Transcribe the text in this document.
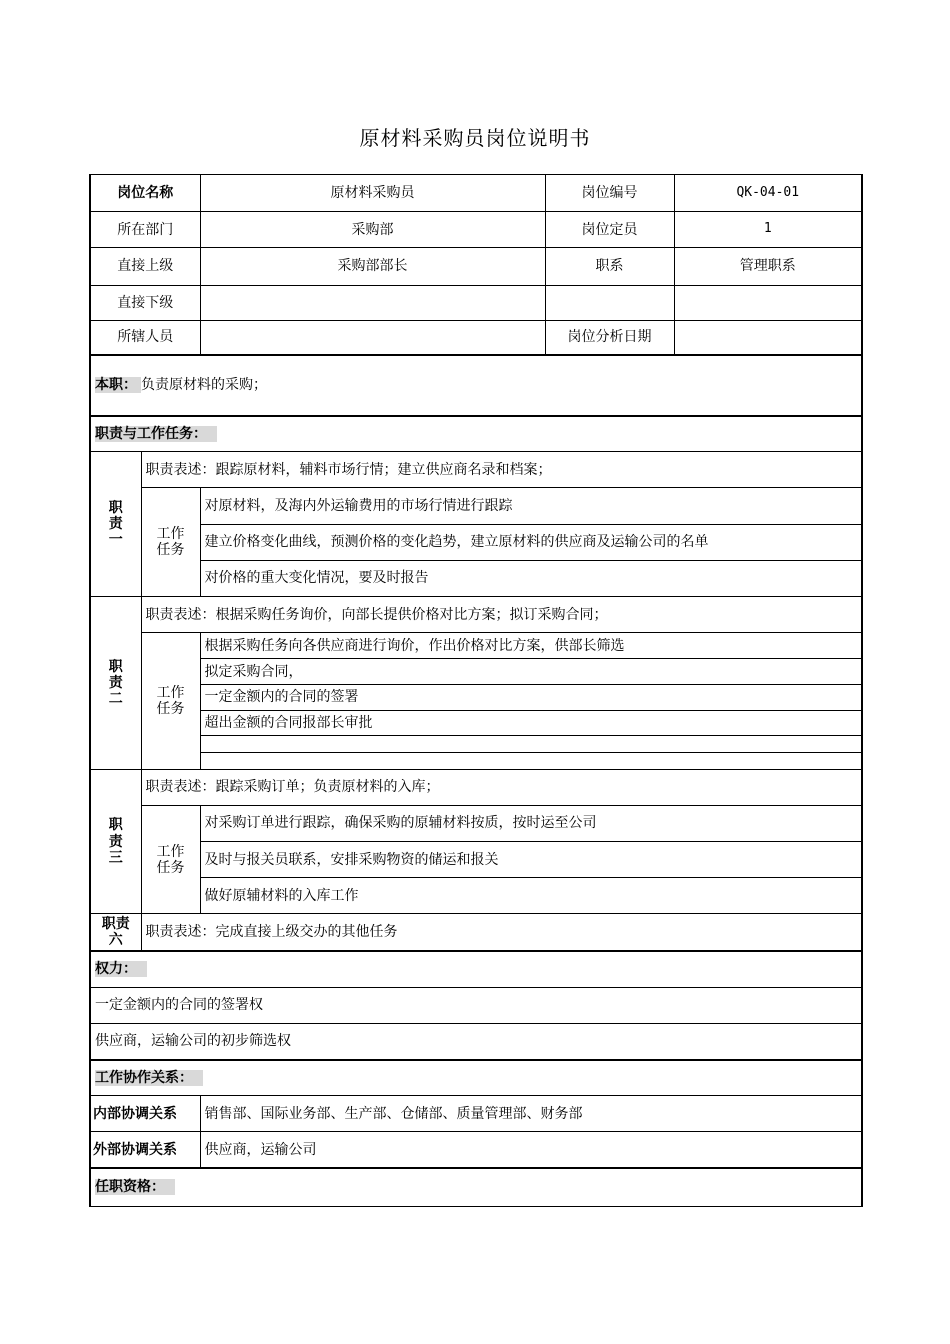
原材料采购员岗位说明书
岗位名称		原材料采购员	岗位编号	QK-04-01
所在部门		采购部	岗位定员	1
直接上级		采购部部长	职系	管理职系
直接下级				
所辖人员			岗位分析日期	
本职： 负责原材料的采购；				
职责与工作任务：				

职责一	职责表述：跟踪原材料，辅料市场行情；建立供应商名录和档案；			

	工作任务	对原材料，及海内外运输费用的市场行情进行跟踪		
		建立价格变化曲线，预测价格的变化趋势，建立原材料的供应商及运输公司的名单		
		对价格的重大变化情况，要及时报告		

职责二	职责表述：根据采购任务询价，向部长提供价格对比方案；拟订采购合同；			

	工作任务	根据采购任务向各供应商进行询价，作出价格对比方案，供部长筛选		
		拟定采购合同，		
		一定金额内的合同的签署		
		超出金额的合同报部长审批		

职责三	职责表述：跟踪采购订单；负责原材料的入库；			

	工作任务	对采购订单进行跟踪，确保采购的原辅材料按质，按时运至公司		
		及时与报关员联系，安排采购物资的储运和报关		
		做好原辅材料的入库工作		

职责六	职责表述：完成直接上级交办的其他任务			
权力：				
一定金额内的合同的签署权				
供应商，运输公司的初步筛选权				
工作协作关系：				
内部协调关系		销售部、国际业务部、生产部、仓储部、质量管理部、财务部		
外部协调关系		供应商，运输公司		
任职资格：				
